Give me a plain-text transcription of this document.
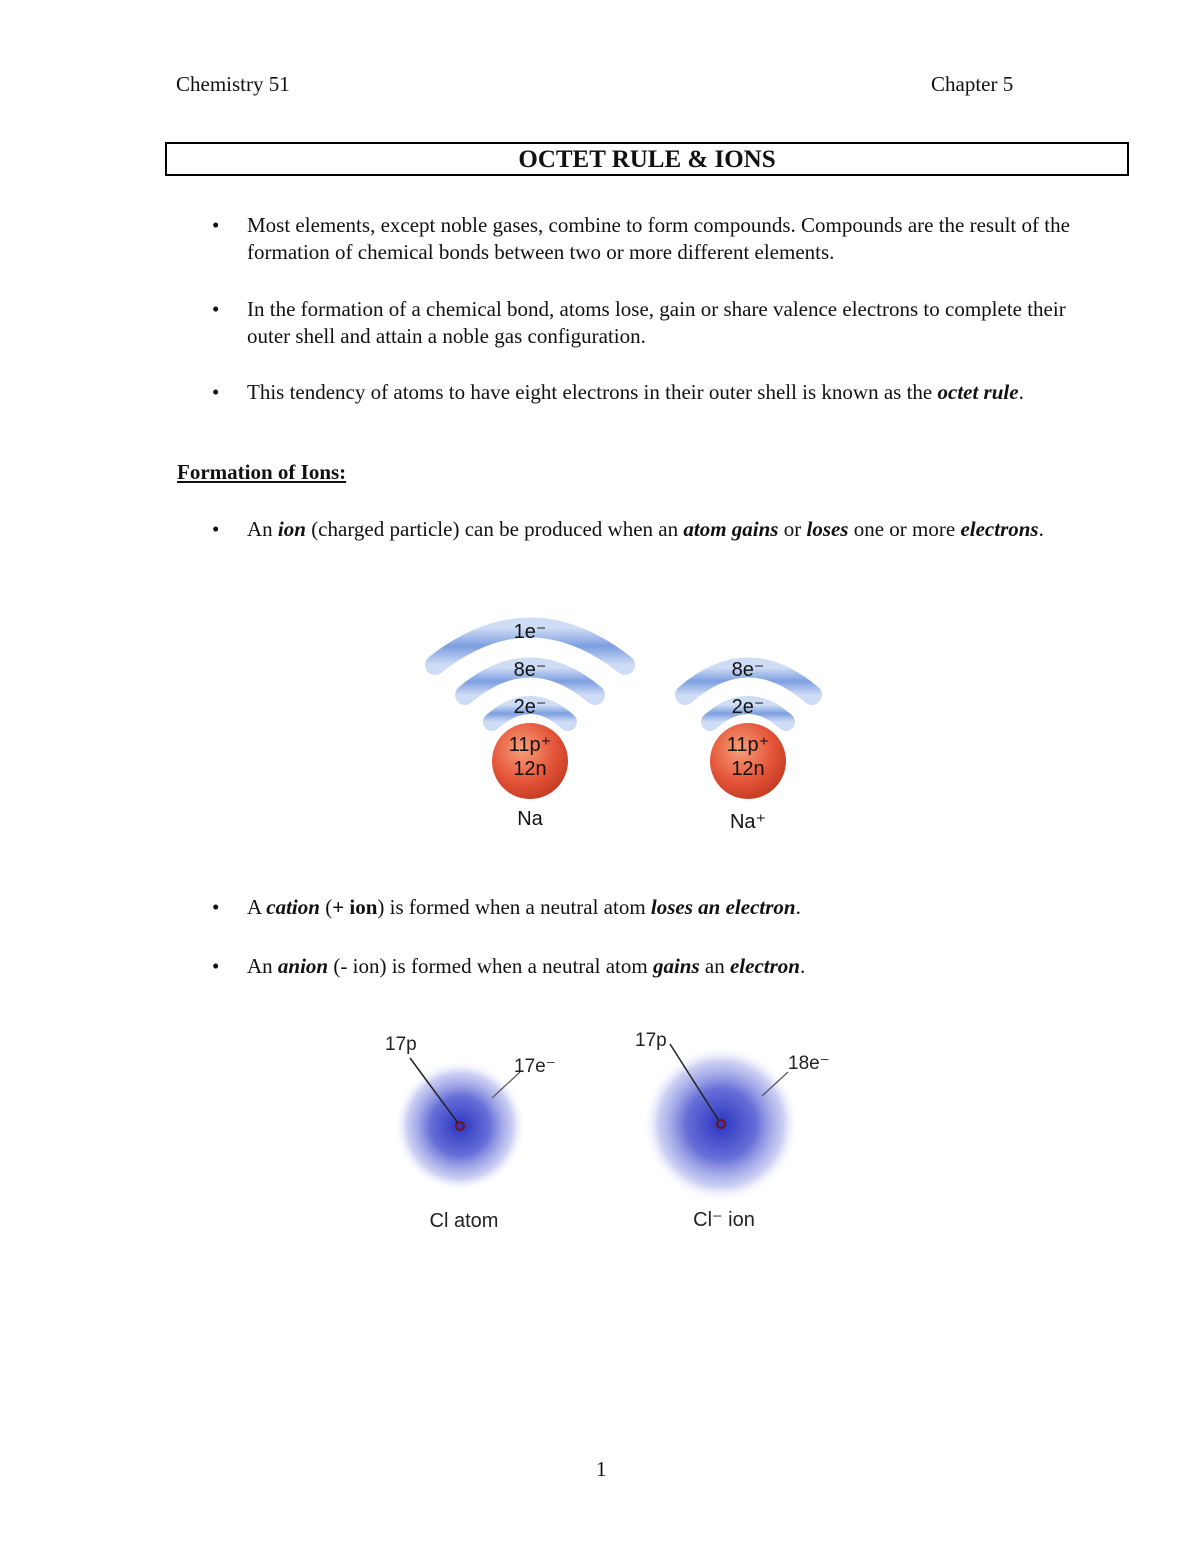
Chemistry 51	Chapter 5
OCTET RULE & IONS
•	Most elements, except noble gases, combine to form compounds. Compounds are the result of the formation of chemical bonds between two or more different elements.
•	In the formation of a chemical bond, atoms lose, gain or share valence electrons to complete their outer shell and attain a noble gas configuration.
•	This tendency of atoms to have eight electrons in their outer shell is known as the octet rule.
Formation of Ions:
•	An ion (charged particle) can be produced when an atom gains or loses one or more electrons.
1e⁻
8e⁻
2e⁻
11p⁺
12n
Na
8e⁻
2e⁻
11p⁺
12n
Na⁺
•	A cation (+ ion) is formed when a neutral atom loses an electron.
•	An anion (- ion) is formed when a neutral atom gains an electron.
17p
17e⁻
Cl atom
17p
18e⁻
Cl⁻ ion
1
